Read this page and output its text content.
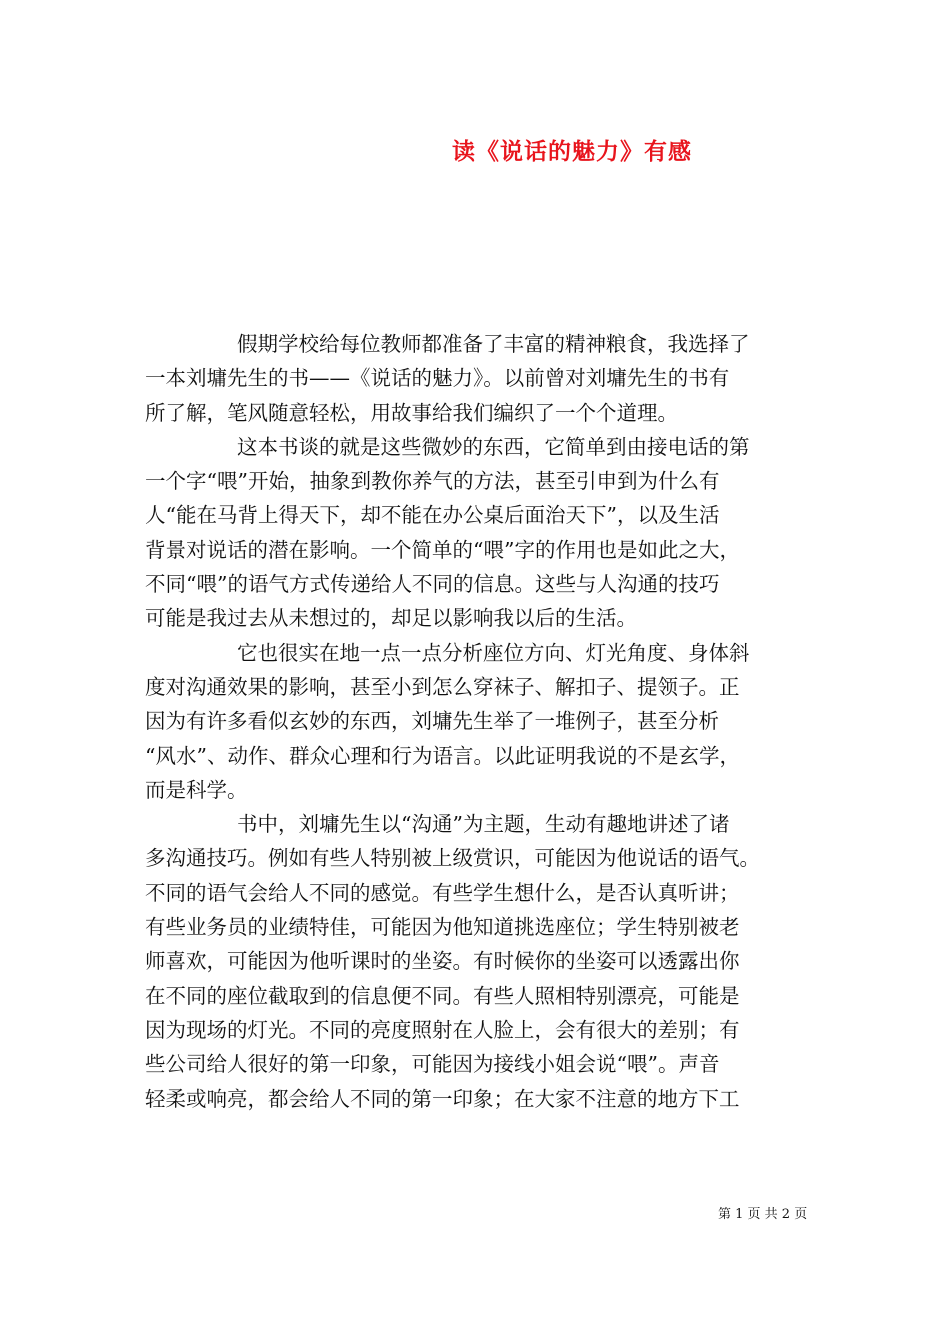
读《说话的魅力》有感

假期学校给每位教师都准备了丰富的精神粮食，我选择了
一本刘墉先生的书——《说话的魅力》。以前曾对刘墉先生的书有
所了解，笔风随意轻松，用故事给我们编织了一个个道理。

这本书谈的就是这些微妙的东西，它简单到由接电话的第
一个字“喂”开始，抽象到教你养气的方法，甚至引申到为什么有
人“能在马背上得天下，却不能在办公桌后面治天下”，以及生活
背景对说话的潜在影响。一个简单的“喂”字的作用也是如此之大，
不同“喂”的语气方式传递给人不同的信息。这些与人沟通的技巧
可能是我过去从未想过的，却足以影响我以后的生活。

它也很实在地一点一点分析座位方向、灯光角度、身体斜
度对沟通效果的影响，甚至小到怎么穿袜子、解扣子、提领子。正
因为有许多看似玄妙的东西，刘墉先生举了一堆例子，甚至分析
“风水”、动作、群众心理和行为语言。以此证明我说的不是玄学，
而是科学。

书中，刘墉先生以“沟通”为主题，生动有趣地讲述了诸
多沟通技巧。例如有些人特别被上级赏识，可能因为他说话的语气。
不同的语气会给人不同的感觉。有些学生想什么，是否认真听讲；
有些业务员的业绩特佳，可能因为他知道挑选座位；学生特别被老
师喜欢，可能因为他听课时的坐姿。有时候你的坐姿可以透露出你
在不同的座位截取到的信息便不同。有些人照相特别漂亮，可能是
因为现场的灯光。不同的亮度照射在人脸上，会有很大的差别；有
些公司给人很好的第一印象，可能因为接线小姐会说“喂”。声音
轻柔或响亮，都会给人不同的第一印象；在大家不注意的地方下工

第 1 页 共 2 页
